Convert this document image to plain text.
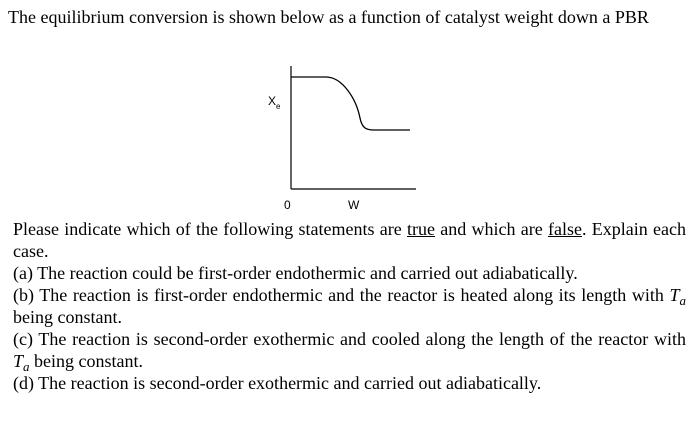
The equilibrium conversion is shown below as a function of catalyst weight down a PBR

X e
0	W

Please indicate which of the following statements are true and which are false. Explain each case.

(a) The reaction could be first-order endothermic and carried out adiabatically.

(b) The reaction is first-order endothermic and the reactor is heated along its length with $T_a$ being constant.

(c) The reaction is second-order exothermic and cooled along the length of the reactor with $T_a$ being constant.

(d) The reaction is second-order exothermic and carried out adiabatically.
